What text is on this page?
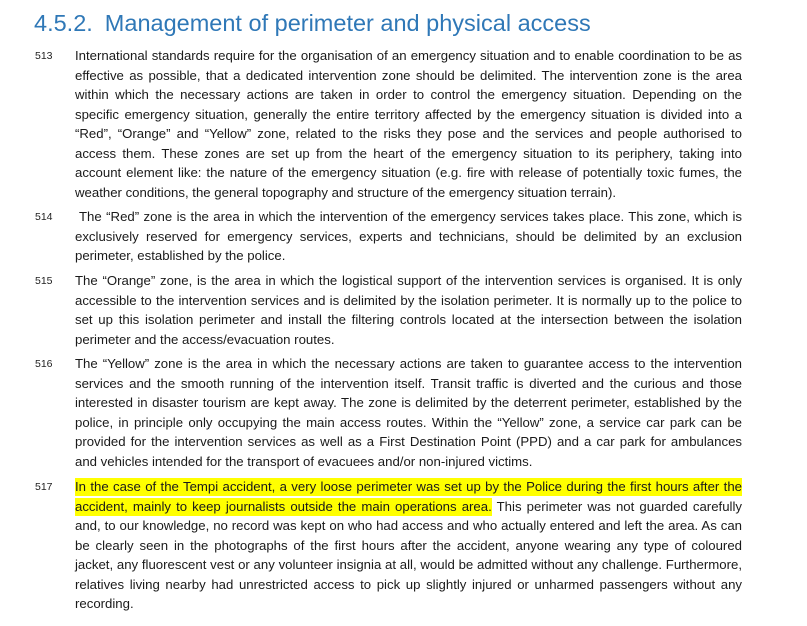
4.5.2. Management of perimeter and physical access
513 International standards require for the organisation of an emergency situation and to enable coordination to be as effective as possible, that a dedicated intervention zone should be delimited. The intervention zone is the area within which the necessary actions are taken in order to control the emergency situation. Depending on the specific emergency situation, generally the entire territory affected by the emergency situation is divided into a “Red”, “Orange” and “Yellow” zone, related to the risks they pose and the services and people authorised to access them. These zones are set up from the heart of the emergency situation to its periphery, taking into account element like: the nature of the emergency situation (e.g. fire with release of potentially toxic fumes, the weather conditions, the general topography and structure of the emergency situation terrain).

514	The “Red” zone is the area in which the intervention of the emergency services takes place. This zone, which is exclusively reserved for emergency services, experts and technicians, should be delimited by an exclusion perimeter, established by the police.

515 The “Orange” zone, is the area in which the logistical support of the intervention services is organised. It is only accessible to the intervention services and is delimited by the isolation perimeter. It is normally up to the police to set up this isolation perimeter and install the filtering controls located at the intersection between the isolation perimeter and the access/evacuation routes.

516 The “Yellow” zone is the area in which the necessary actions are taken to guarantee access to the intervention services and the smooth running of the intervention itself. Transit traffic is diverted and the curious and those interested in disaster tourism are kept away. The zone is delimited by the deterrent perimeter, established by the police, in principle only occupying the main access routes. Within the “Yellow” zone, a service car park can be provided for the intervention services as well as a First Destination Point (PPD) and a car park for ambulances and vehicles intended for the transport of evacuees and/or non-injured victims.

517 In the case of the Tempi accident, a very loose perimeter was set up by the Police during the first hours after the accident, mainly to keep journalists outside the main operations area. This perimeter was not guarded carefully and, to our knowledge, no record was kept on who had access and who actually entered and left the area. As can be clearly seen in the photographs of the first hours after the accident, anyone wearing any type of coloured jacket, any fluorescent vest or any volunteer insignia at all, would be admitted without any challenge. Furthermore, relatives living nearby had unrestricted access to pick up slightly injured or unharmed passengers without any recording.
